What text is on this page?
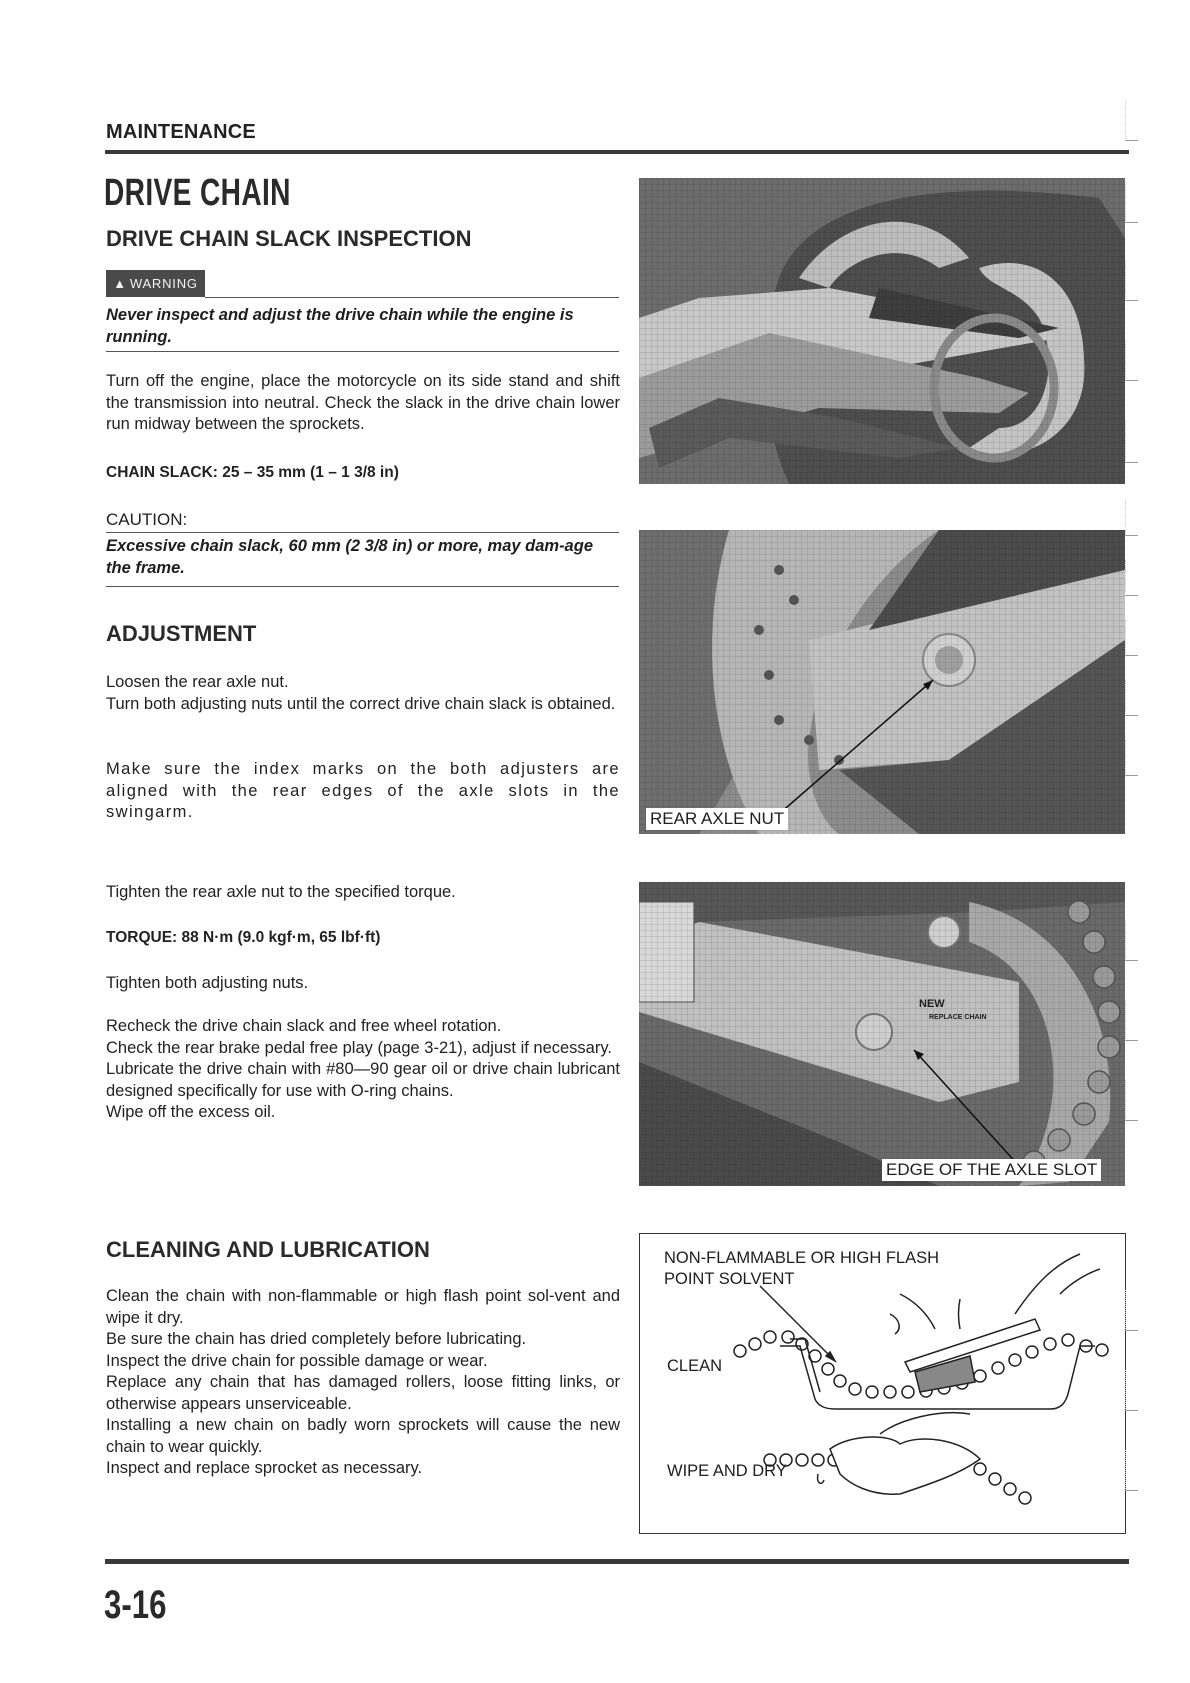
MAINTENANCE
DRIVE CHAIN
DRIVE CHAIN SLACK INSPECTION
▲ WARNING
Never inspect and adjust the drive chain while the engine is running.
Turn off the engine, place the motorcycle on its side stand and shift the transmission into neutral. Check the slack in the drive chain lower run midway between the sprockets.
CHAIN SLACK: 25 – 35 mm (1 – 1 3/8 in)
CAUTION:
Excessive chain slack, 60 mm (2 3/8 in) or more, may dam-age the frame.
ADJUSTMENT
Loosen the rear axle nut.
Turn both adjusting nuts until the correct drive chain slack is obtained.
Make sure the index marks on the both adjusters are aligned with the rear edges of the axle slots in the swingarm.
Tighten the rear axle nut to the specified torque.
TORQUE: 88 N·m (9.0 kgf·m, 65 lbf·ft)
Tighten both adjusting nuts.
Recheck the drive chain slack and free wheel rotation.
Check the rear brake pedal free play (page 3-21), adjust if necessary.
Lubricate the drive chain with #80—90 gear oil or drive chain lubricant designed specifically for use with O-ring chains.
Wipe off the excess oil.
CLEANING AND LUBRICATION
Clean the chain with non-flammable or high flash point sol-vent and wipe it dry.
Be sure the chain has dried completely before lubricating.
Inspect the drive chain for possible damage or wear.
Replace any chain that has damaged rollers, loose fitting links, or otherwise appears unserviceable.
Installing a new chain on badly worn sprockets will cause the new chain to wear quickly.
Inspect and replace sprocket as necessary.
REAR AXLE NUT
EDGE OF THE AXLE SLOT
NON-FLAMMABLE OR HIGH FLASH
POINT SOLVENT
CLEAN
WIPE AND DRY
3-16
